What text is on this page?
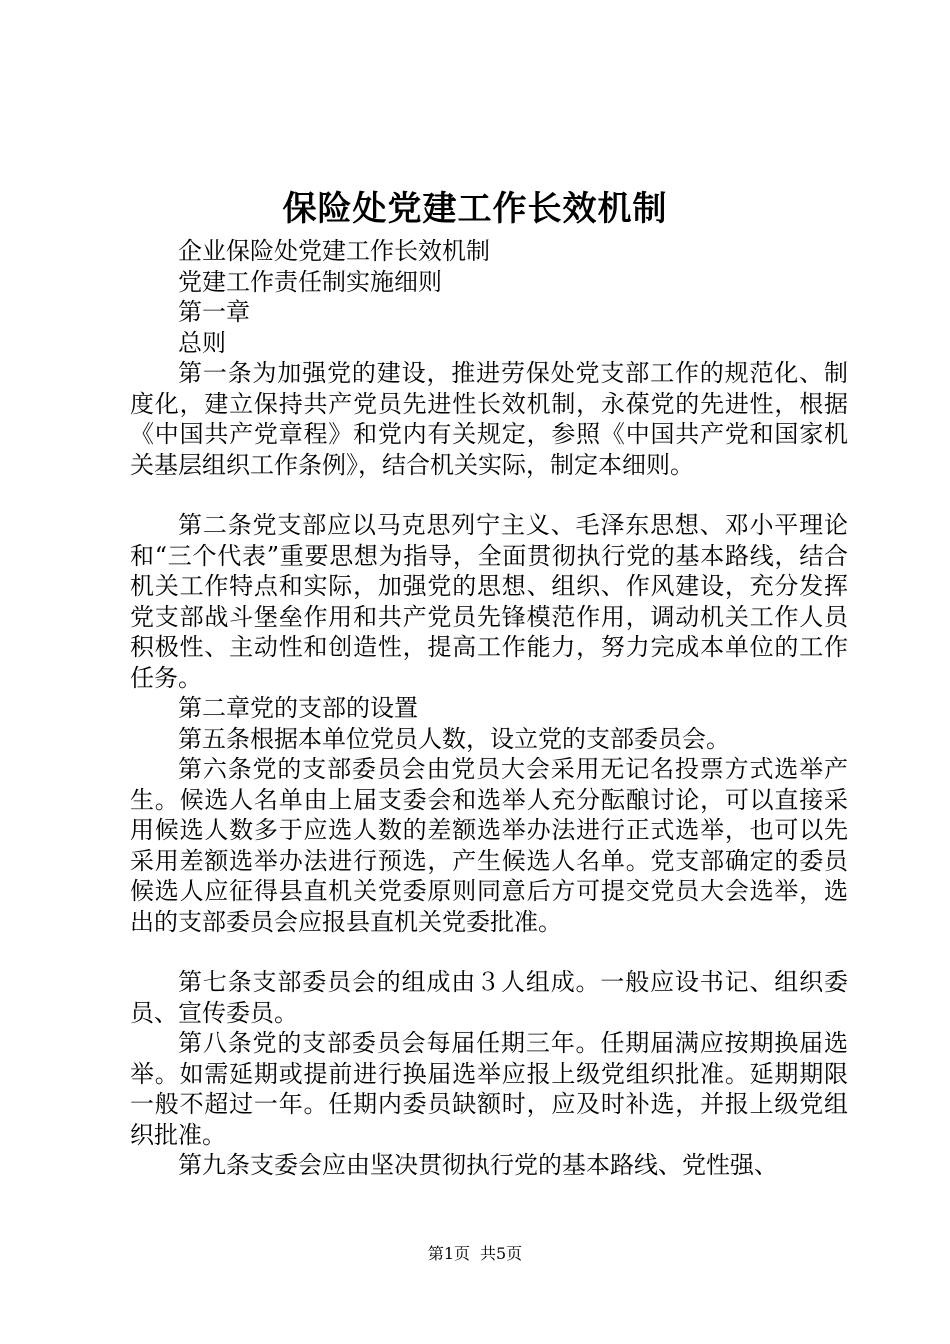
保险处党建工作长效机制

企业保险处党建工作长效机制

党建工作责任制实施细则

第一章

总则

第一条为加强党的建设，推进劳保处党支部工作的规范化、制度化，建立保持共产党员先进性长效机制，永葆党的先进性，根据《中国共产党章程》和党内有关规定，参照《中国共产党和国家机关基层组织工作条例》，结合机关实际，制定本细则。

第二条党支部应以马克思列宁主义、毛泽东思想、邓小平理论和“三个代表”重要思想为指导，全面贯彻执行党的基本路线，结合机关工作特点和实际，加强党的思想、组织、作风建设，充分发挥党支部战斗堡垒作用和共产党员先锋模范作用，调动机关工作人员积极性、主动性和创造性，提高工作能力，努力完成本单位的工作任务。

第二章党的支部的设置

第五条根据本单位党员人数，设立党的支部委员会。

第六条党的支部委员会由党员大会采用无记名投票方式选举产生。候选人名单由上届支委会和选举人充分酝酿讨论，可以直接采用候选人数多于应选人数的差额选举办法进行正式选举，也可以先采用差额选举办法进行预选，产生候选人名单。党支部确定的委员候选人应征得县直机关党委原则同意后方可提交党员大会选举，选出的支部委员会应报县直机关党委批准。

第七条支部委员会的组成由３人组成。一般应设书记、组织委员、宣传委员。

第八条党的支部委员会每届任期三年。任期届满应按期换届选举。如需延期或提前进行换届选举应报上级党组织批准。延期期限一般不超过一年。任期内委员缺额时，应及时补选，并报上级党组织批准。

第九条支委会应由坚决贯彻执行党的基本路线、党性强、

第1页 共5页
